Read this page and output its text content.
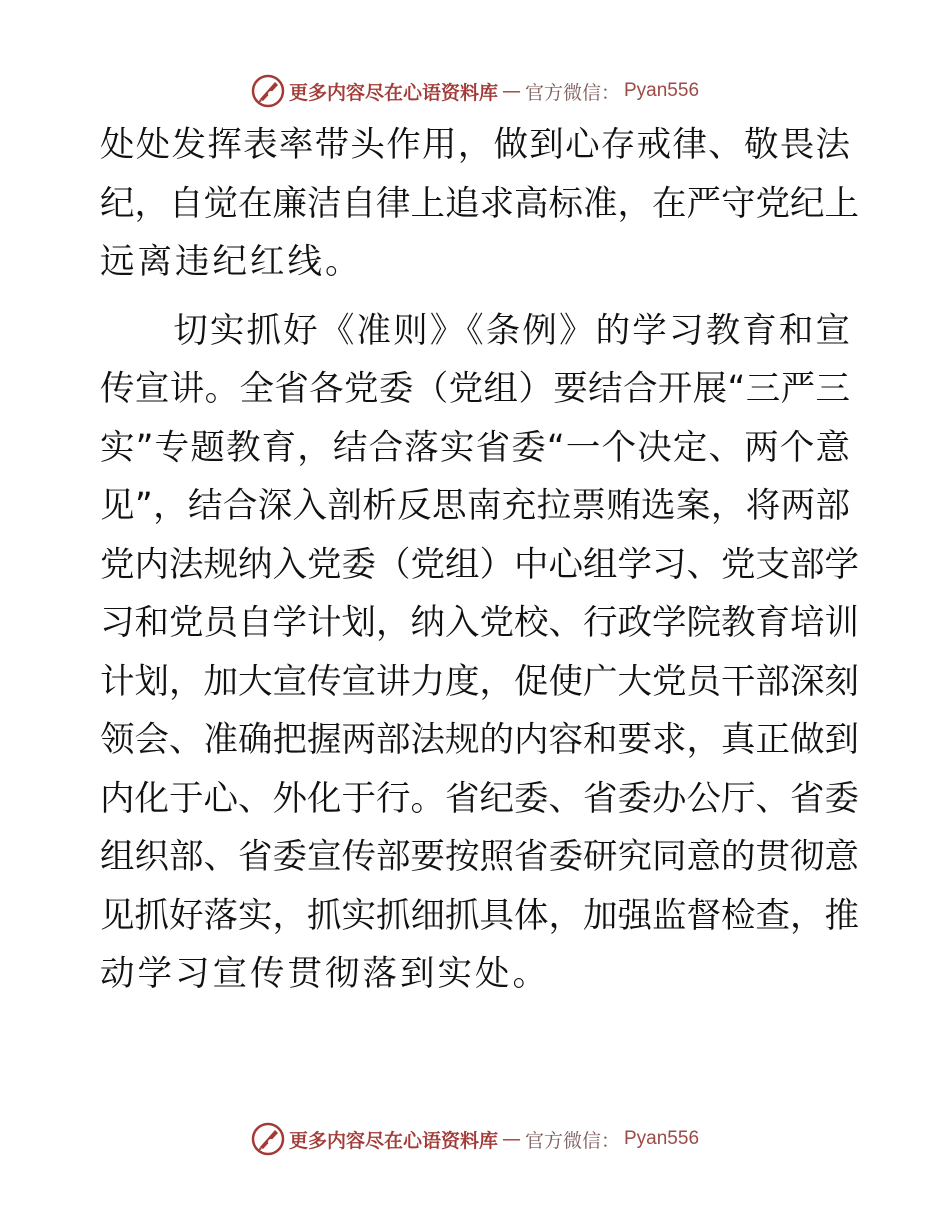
更多内容尽在心语资料库 — 官方微信： Pyan556
处处发挥表率带头作用，做到心存戒律、敬畏法
纪，自觉在廉洁自律上追求高标准，在严守党纪上
远离违纪红线。
　　切实抓好《准则》《条例》的学习教育和宣
传宣讲。全省各党委（党组）要结合开展“三严三
实”专题教育，结合落实省委“一个决定、两个意
见”，结合深入剖析反思南充拉票贿选案，将两部
党内法规纳入党委（党组）中心组学习、党支部学
习和党员自学计划，纳入党校、行政学院教育培训
计划，加大宣传宣讲力度，促使广大党员干部深刻
领会、准确把握两部法规的内容和要求，真正做到
内化于心、外化于行。省纪委、省委办公厅、省委
组织部、省委宣传部要按照省委研究同意的贯彻意
见抓好落实，抓实抓细抓具体，加强监督检查，推
动学习宣传贯彻落到实处。
更多内容尽在心语资料库 — 官方微信： Pyan556
